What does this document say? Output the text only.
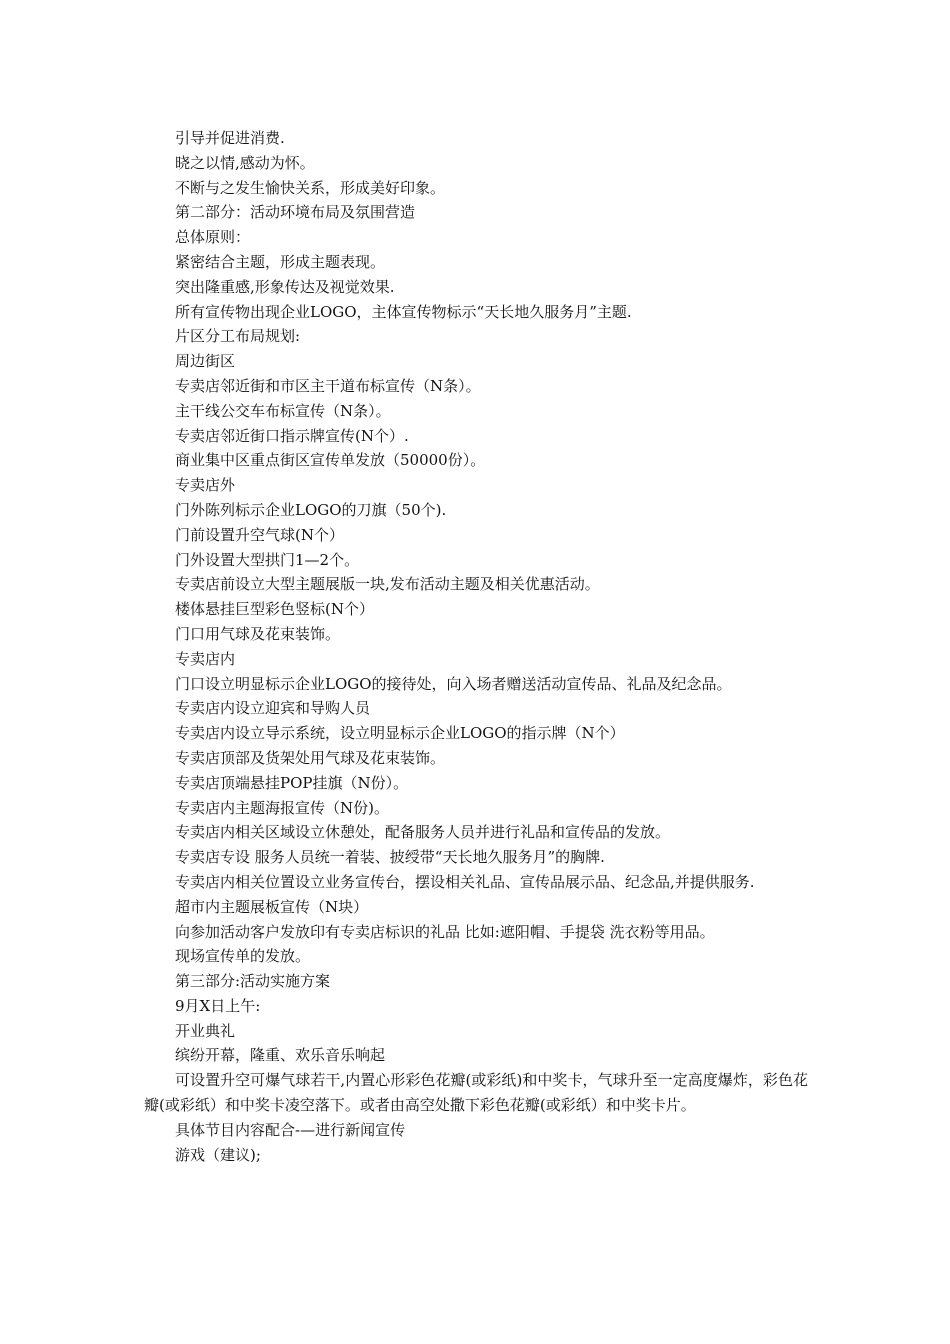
引导并促进消费.

晓之以情,感动为怀。

不断与之发生愉快关系，形成美好印象。

第二部分：活动环境布局及氛围营造

总体原则：

紧密结合主题，形成主题表现。

突出隆重感,形象传达及视觉效果.

所有宣传物出现企业LOGO，主体宣传物标示“天长地久服务月”主题.

片区分工布局规划:

周边街区

专卖店邻近街和市区主干道布标宣传（N条）。

主干线公交车布标宣传（N条）。

专卖店邻近街口指示牌宣传(N个）.

商业集中区重点街区宣传单发放（50000份）。

专卖店外

门外陈列标示企业LOGO的刀旗（50个).

门前设置升空气球(N个）

门外设置大型拱门1—2个。

专卖店前设立大型主题展版一块,发布活动主题及相关优惠活动。

楼体悬挂巨型彩色竖标(N个）

门口用气球及花束装饰。

专卖店内

门口设立明显标示企业LOGO的接待处，向入场者赠送活动宣传品、礼品及纪念品。

专卖店内设立迎宾和导购人员

专卖店内设立导示系统，设立明显标示企业LOGO的指示牌（N个）

专卖店顶部及货架处用气球及花束装饰。

专卖店顶端悬挂POP挂旗（N份）。

专卖店内主题海报宣传（N份)。

专卖店内相关区域设立休憩处，配备服务人员并进行礼品和宣传品的发放。

专卖店专设 服务人员统一着装、披绶带“天长地久服务月”的胸牌.

专卖店内相关位置设立业务宣传台，摆设相关礼品、宣传品展示品、纪念品,并提供服务.

超市内主题展板宣传（N块）

向参加活动客户发放印有专卖店标识的礼品 比如:遮阳帽、手提袋 洗衣粉等用品。

现场宣传单的发放。

第三部分:活动实施方案

9月X日上午:

开业典礼

缤纷开幕，隆重、欢乐音乐响起

可设置升空可爆气球若干,内置心形彩色花瓣(或彩纸)和中奖卡，气球升至一定高度爆炸，彩色花瓣(或彩纸）和中奖卡凌空落下。或者由高空处撒下彩色花瓣(或彩纸）和中奖卡片。

具体节目内容配合-—进行新闻宣传

游戏（建议);
